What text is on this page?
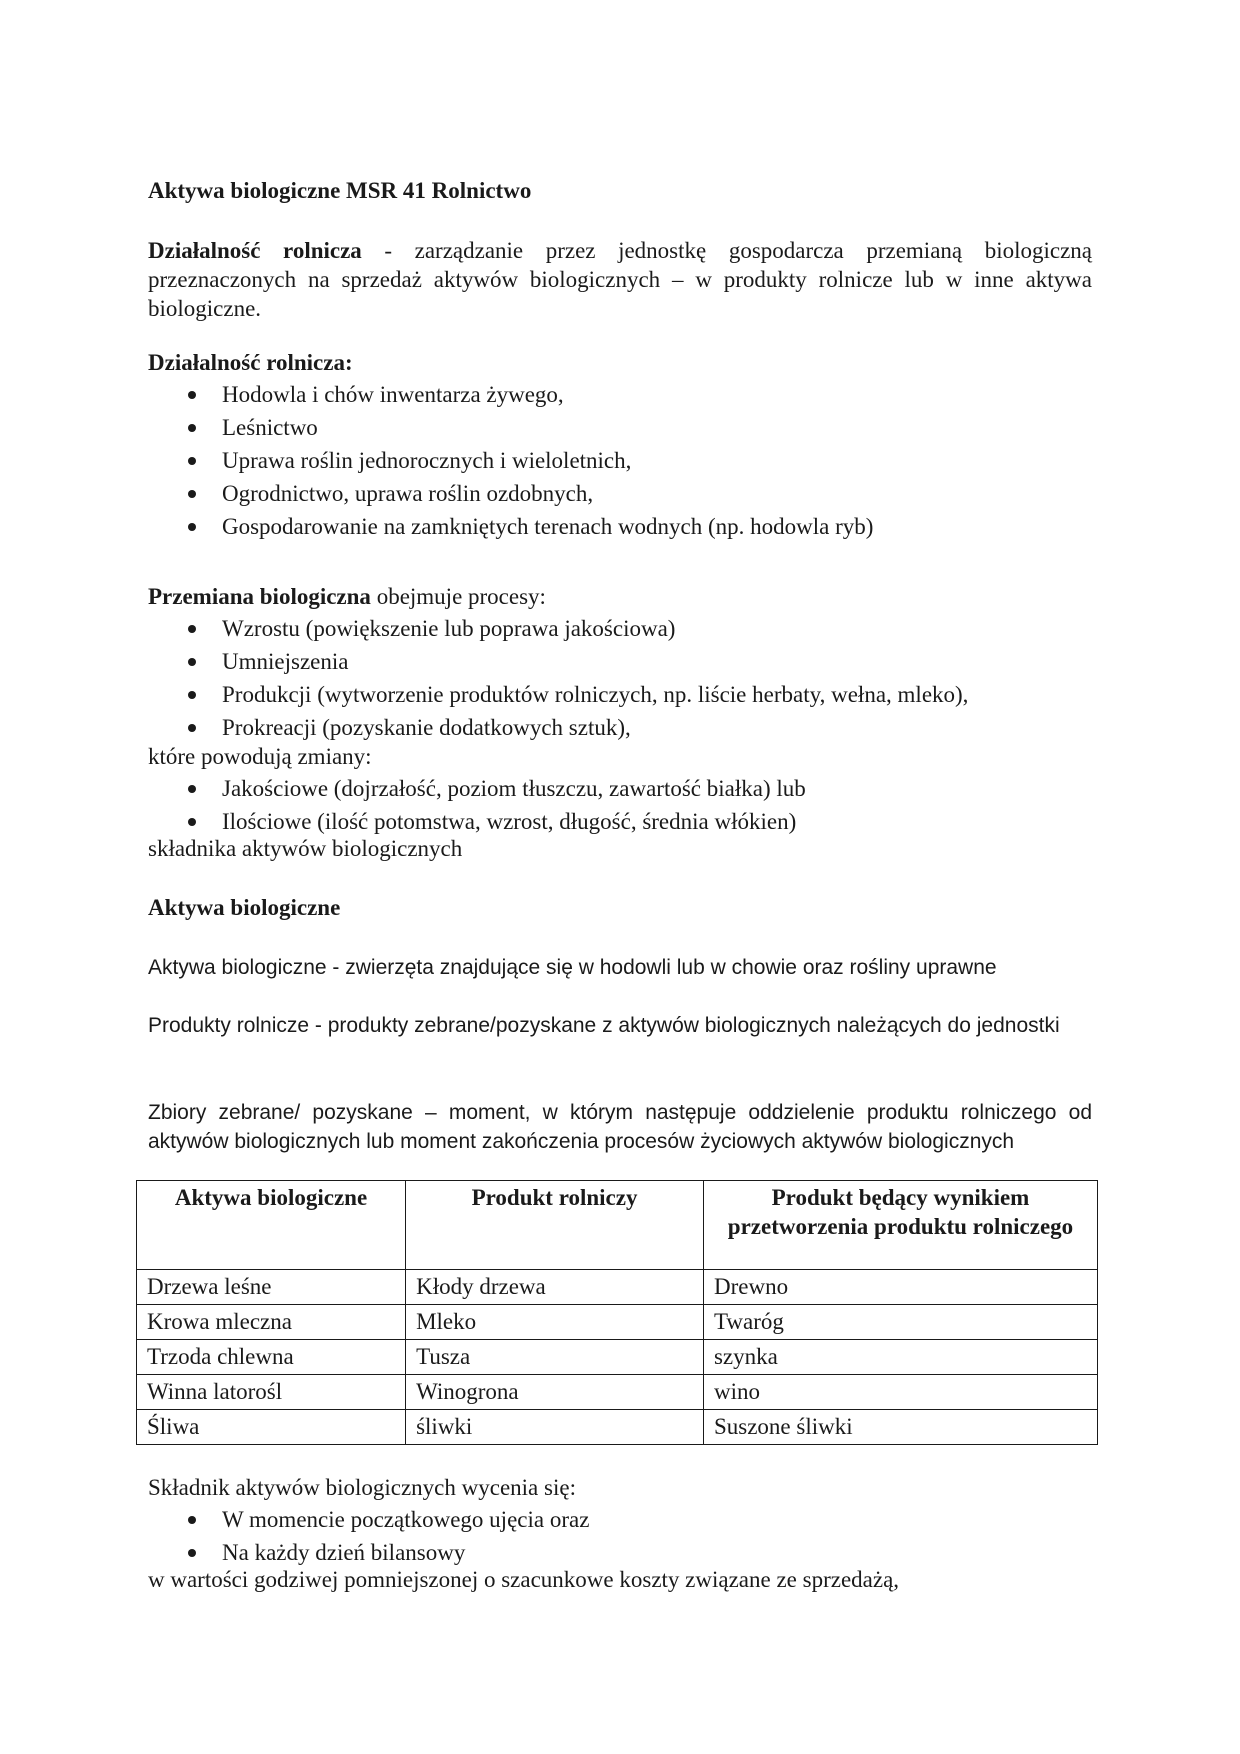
Aktywa biologiczne MSR 41 Rolnictwo

Działalność rolnicza - zarządzanie przez jednostkę gospodarcza przemianą biologiczną przeznaczonych na sprzedaż aktywów biologicznych – w produkty rolnicze lub w inne aktywa biologiczne.

Działalność rolnicza:

Hodowla i chów inwentarza żywego,
Leśnictwo
Uprawa roślin jednorocznych i wieloletnich,
Ogrodnictwo, uprawa roślin ozdobnych,
Gospodarowanie na zamkniętych terenach wodnych (np. hodowla ryb)

Przemiana biologiczna obejmuje procesy:

Wzrostu (powiększenie lub poprawa jakościowa)
Umniejszenia
Produkcji (wytworzenie produktów rolniczych, np. liście herbaty, wełna, mleko),
Prokreacji (pozyskanie dodatkowych sztuk),

które powodują zmiany:

Jakościowe (dojrzałość, poziom tłuszczu, zawartość białka) lub
Ilościowe (ilość potomstwa, wzrost, długość, średnia włókien)

składnika aktywów biologicznych

Aktywa biologiczne

Aktywa biologiczne - zwierzęta znajdujące się w hodowli lub w chowie oraz rośliny uprawne

Produkty rolnicze - produkty zebrane/pozyskane z aktywów biologicznych należących do jednostki

Zbiory zebrane/ pozyskane – moment, w którym następuje oddzielenie produktu rolniczego od aktywów biologicznych lub moment zakończenia procesów życiowych aktywów biologicznych

Aktywa biologiczne	Produkt rolniczy	Produkt będący wynikiem przetworzenia produktu rolniczego
Drzewa leśne	Kłody drzewa	Drewno
Krowa mleczna	Mleko	Twaróg
Trzoda chlewna	Tusza	szynka
Winna latorośl	Winogrona	wino
Śliwa	śliwki	Suszone śliwki

Składnik aktywów biologicznych wycenia się:

W momencie początkowego ujęcia oraz
Na każdy dzień bilansowy

w wartości godziwej pomniejszonej o szacunkowe koszty związane ze sprzedażą,
